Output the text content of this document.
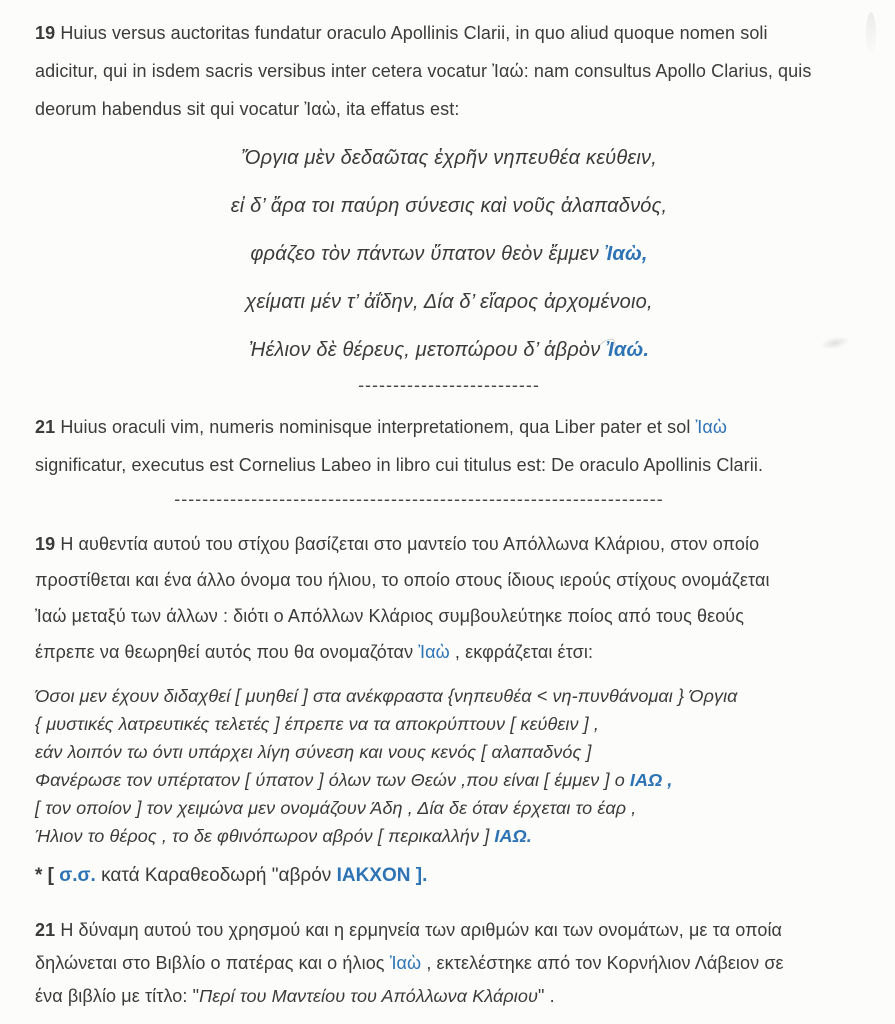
19 Huius versus auctoritas fundatur oraculo Apollinis Clarii, in quo aliud quoque nomen soli
adicitur, qui in isdem sacris versibus inter cetera vocatur Ἰαώ: nam consultus Apollo Clarius, quis
deorum habendus sit qui vocatur Ἰαὼ, ita effatus est:

Ὄργια μὲν δεδαῶτας ἐχρῆν νηπευθέα κεύθειν,
εἰ δ’ ἄρα τοι παύρη σύνεσις καὶ νοῦς ἀλαπαδνός,
φράζεο τὸν πάντων ὕπατον θεὸν ἔμμεν Ἰαὼ,
χείματι μέν τ’ ἀΐδην, Δία δ’ εἴαρος ἀρχομένοιο,
Ἠέλιον δὲ θέρευς, μετοπώρου δ’ ἁβρὸν Ἰαώ.
--------------------------

21 Huius oraculi vim, numeris nominisque interpretationem, qua Liber pater et sol Ἰαὼ
significatur, executus est Cornelius Labeo in libro cui titulus est: De oraculo Apollinis Clarii.

----------------------------------------------------------------------

19 Η αυθεντία αυτού του στίχου βασίζεται στο μαντείο του Απόλλωνα Κλάριου, στον οποίο
προστίθεται και ένα άλλο όνομα του ήλιου, το οποίο στους ίδιους ιερούς στίχους ονομάζεται
Ἰαώ μεταξύ των άλλων : διότι ο Απόλλων Κλάριος συμβουλεύτηκε ποίος από τους θεούς
έπρεπε να θεωρηθεί αυτός που θα ονομαζόταν Ἰαὼ , εκφράζεται έτσι:

Όσοι μεν έχουν διδαχθεί [ μυηθεί ] στα ανέκφραστα {νηπευθέα < νη-πυνθάνομαι } Όργια
{ μυστικές λατρευτικές τελετές ] έπρεπε να τα αποκρύπτουν [ κεύθειν ] ,
εάν λοιπόν τω όντι υπάρχει λίγη σύνεση και νους κενός [ αλαπαδνός ]
Φανέρωσε τον υπέρτατον [ ύπατον ] όλων των Θεών ,που είναι [ έμμεν ] ο ΙΑΩ ,
[ τον οποίον ] τον χειμώνα μεν ονομάζουν Άδη , Δία δε όταν έρχεται το έαρ ,
Ήλιον το θέρος , το δε φθινόπωρον αβρόν [ περικαλλήν ] ΙΑΩ.
* [ σ.σ. κατά Καραθεοδωρή "αβρόν ΙΑΚΧΟΝ ].

21 Η δύναμη αυτού του χρησμού και η ερμηνεία των αριθμών και των ονομάτων, με τα οποία
δηλώνεται στο Βιβλίο ο πατέρας και ο ήλιος Ἰαὼ , εκτελέστηκε από τον Κορνήλιον Λάβειον σε
ένα βιβλίο με τίτλο: "Περί του Μαντείου του Απόλλωνα Κλάριου" .
